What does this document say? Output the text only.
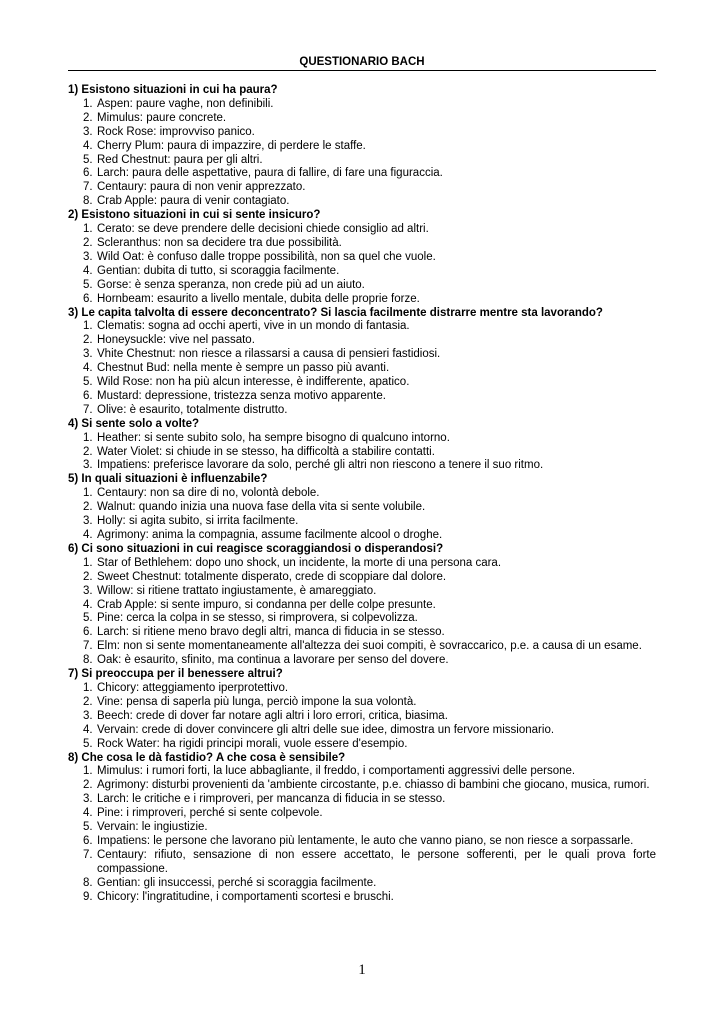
QUESTIONARIO BACH
1) Esistono situazioni in cui ha paura?
1. Aspen: paure vaghe, non definibili.
2. Mimulus: paure concrete.
3. Rock Rose: improvviso panico.
4. Cherry Plum: paura di impazzire, di perdere le staffe.
5. Red Chestnut: paura per gli altri.
6. Larch: paura delle aspettative, paura di fallire, di fare una figuraccia.
7. Centaury: paura di non venir apprezzato.
8. Crab Apple: paura di venir contagiato.
2) Esistono situazioni in cui si sente insicuro?
1. Cerato: se deve prendere delle decisioni chiede consiglio ad altri.
2. Scleranthus: non sa decidere tra due possibilità.
3. Wild Oat: è confuso dalle troppe possibilità, non sa quel che vuole.
4. Gentian: dubita di tutto, si scoraggia facilmente.
5. Gorse: è senza speranza, non crede più ad un aiuto.
6. Hornbeam: esaurito a livello mentale, dubita delle proprie forze.
3) Le capita talvolta di essere deconcentrato? Si lascia facilmente distrarre mentre sta lavorando?
1. Clematis: sogna ad occhi aperti, vive in un mondo di fantasia.
2. Honeysuckle: vive nel passato.
3. Vhite Chestnut: non riesce a rilassarsi a causa di pensieri fastidiosi.
4. Chestnut Bud: nella mente è sempre un passo più avanti.
5. Wild Rose: non ha più alcun interesse, è indifferente, apatico.
6. Mustard: depressione, tristezza senza motivo apparente.
7. Olive: è esaurito, totalmente distrutto.
4) Si sente solo a volte?
1. Heather: si sente subito solo, ha sempre bisogno di qualcuno intorno.
2. Water Violet: si chiude in se stesso, ha difficoltà a stabilire contatti.
3. Impatiens: preferisce lavorare da solo, perché gli altri non riescono a tenere il suo ritmo.
5) In quali situazioni è influenzabile?
1. Centaury: non sa dire di no, volontà debole.
2. Walnut: quando inizia una nuova fase della vita si sente volubile.
3. Holly: si agita subito, si irrita facilmente.
4. Agrimony: anima la compagnia, assume facilmente alcool o droghe.
6) Ci sono situazioni in cui reagisce scoraggiandosi o disperandosi?
1. Star of Bethlehem: dopo uno shock, un incidente, la morte di una persona cara.
2. Sweet Chestnut: totalmente disperato, crede di scoppiare dal dolore.
3. Willow: si ritiene trattato ingiustamente, è amareggiato.
4. Crab Apple: si sente impuro, si condanna per delle colpe presunte.
5. Pine: cerca la colpa in se stesso, si rimprovera, si colpevolizza.
6. Larch: si ritiene meno bravo degli altri, manca di fiducia in se stesso.
7. Elm: non si sente momentaneamente all'altezza dei suoi compiti, è sovraccarico, p.e. a causa di un esame.
8. Oak: è esaurito, sfinito, ma continua a lavorare per senso del dovere.
7) Si preoccupa per il benessere altrui?
1. Chicory: atteggiamento iperprotettivo.
2. Vine: pensa di saperla più lunga, perciò impone la sua volontà.
3. Beech: crede di dover far notare agli altri i loro errori, critica, biasima.
4. Vervain: crede di dover convincere gli altri delle sue idee, dimostra un fervore missionario.
5. Rock Water: ha rigidi principi morali, vuole essere d'esempio.
8) Che cosa le dà fastidio? A che cosa è sensibile?
1. Mimulus: i rumori forti, la luce abbagliante, il freddo, i comportamenti aggressivi delle persone.
2. Agrimony: disturbi provenienti da 'ambiente circostante, p.e. chiasso di bambini che giocano, musica, rumori.
3. Larch: le critiche e i rimproveri, per mancanza di fiducia in se stesso.
4. Pine: i rimproveri, perché si sente colpevole.
5. Vervain: le ingiustizie.
6. Impatiens: le persone che lavorano più lentamente, le auto che vanno piano, se non riesce a sorpassarle.
7. Centaury: rifiuto, sensazione di non essere accettato, le persone sofferenti, per le quali prova forte compassione.
8. Gentian: gli insuccessi, perché si scoraggia facilmente.
9. Chicory: l'ingratitudine, i comportamenti scortesi e bruschi.
1
